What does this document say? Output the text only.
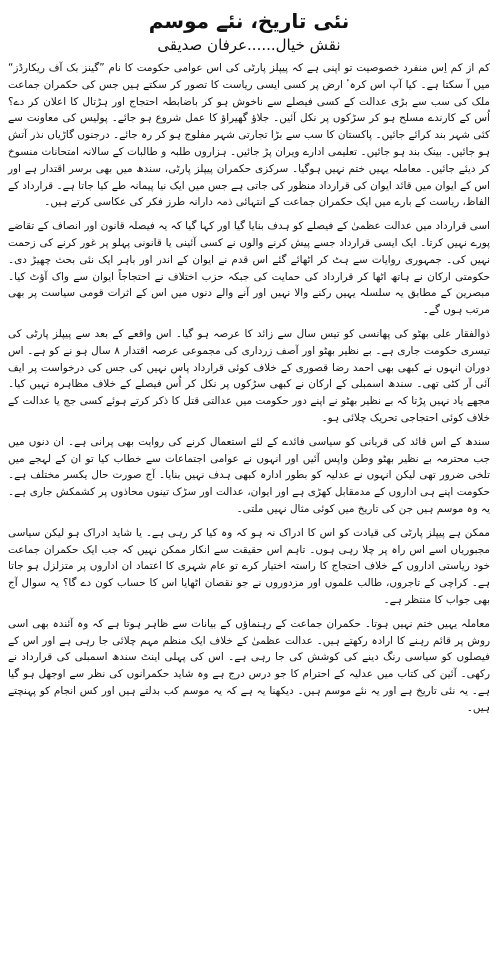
نئی تاریخ، نئے موسم
نقش خیال......عرفان صدیقی

کم از کم اِس منفرد خصوصیت تو اپنی ہے کہ پیپلز پارٹی کی اس عوامی حکومت کا نام ”گینز بک آف ریکارڈز“ میں آ سکتا ہے۔ کیا آپ اس کرہٴ ارض پر کسی ایسی ریاست کا تصور کر سکتے ہیں جس کی حکمران جماعت ملک کی سب سے بڑی عدالت کے کسی فیصلے سے ناخوش ہو کر باضابطہ احتجاج اور ہڑتال کا اعلان کر دے؟ اُس کے کارندے مسلح ہو کر سڑکوں پر نکل آئیں۔ جلاؤ گھیراؤ کا عمل شروع ہو جائے۔ پولیس کی معاونت سے کئی شہر بند کرائے جائیں۔ پاکستان کا سب سے بڑا تجارتی شہر مفلوج ہو کر رہ جائے۔ درجنوں گاڑیاں نذر آتش ہو جائیں۔ بینک بند ہو جائیں۔ تعلیمی ادارے ویران پڑ جائیں۔ ہزاروں طلبہ و طالبات کے سالانہ امتحانات منسوخ کر دیئے جائیں۔ معاملہ یہیں ختم نہیں ہوگیا۔ سرکزی حکمران پیپلز پارٹی، سندھ میں بھی برسر اقتدار ہے اور اس کے ایوان میں قائد ایوان کی قرارداد منظور کی جاتی ہے جس میں ایک نیا پیمانہ طے کیا جاتا ہے۔ قرارداد کے الفاظ، ریاست کے بارے میں ایک حکمران جماعت کے انتہائی ذمہ دارانہ طرز فکر کی عکاسی کرتے ہیں۔

اسی قرارداد میں عدالت عظمیٰ کے فیصلے کو ہدف بنایا گیا اور کہا گیا کہ یہ فیصلہ قانون اور انصاف کے تقاضے پورے نہیں کرتا۔ ایک ایسی قرارداد جسے پیش کرنے والوں نے کسی آئینی یا قانونی پہلو پر غور کرنے کی زحمت نہیں کی۔ جمہوری روایات سے ہٹ کر اٹھائے گئے اس قدم نے ایوان کے اندر اور باہر ایک نئی بحث چھیڑ دی۔ حکومتی ارکان نے ہاتھ اٹھا کر قرارداد کی حمایت کی جبکہ حزب اختلاف نے احتجاجاً ایوان سے واک آؤٹ کیا۔ مبصرین کے مطابق یہ سلسلہ یہیں رکنے والا نہیں اور آنے والے دنوں میں اس کے اثرات قومی سیاست پر بھی مرتب ہوں گے۔

ذوالفقار علی بھٹو کی پھانسی کو تیس سال سے زائد کا عرصہ ہو گیا۔ اس واقعے کے بعد سے پیپلز پارٹی کی تیسری حکومت جاری ہے۔ بے نظیر بھٹو اور آصف زرداری کی مجموعی عرصہ اقتدار ۸ سال ہو نے کو ہے۔ اس دوران انہوں نے کبھی بھی احمد رضا قصوری کے خلاف کوئی قرارداد پاس نہیں کی جس کی درخواست پر ایف آئی آر کٹی تھی۔ سندھ اسمبلی کے ارکان نے کبھی سڑکوں پر نکل کر اُس فیصلے کے خلاف مظاہرہ نہیں کیا۔ مجھے یاد نہیں پڑتا کہ بے نظیر بھٹو نے اپنے دور حکومت میں عدالتی قتل کا ذکر کرتے ہوئے کسی جج یا عدالت کے خلاف کوئی احتجاجی تحریک چلائی ہو۔

سندھ کے اس قائد کی قربانی کو سیاسی فائدے کے لئے استعمال کرنے کی روایت بھی پرانی ہے۔ ان دنوں میں جب محترمہ بے نظیر بھٹو وطن واپس آئیں اور انہوں نے عوامی اجتماعات سے خطاب کیا تو ان کے لہجے میں تلخی ضرور تھی لیکن انہوں نے عدلیہ کو بطور ادارہ کبھی ہدف نہیں بنایا۔ آج صورت حال یکسر مختلف ہے۔ حکومت اپنے ہی اداروں کے مدمقابل کھڑی ہے اور ایوان، عدالت اور سڑک تینوں محاذوں پر کشمکش جاری ہے۔ یہ وہ موسم ہیں جن کی تاریخ میں کوئی مثال نہیں ملتی۔

ممکن ہے پیپلز پارٹی کی قیادت کو اس کا ادراک نہ ہو کہ وہ کیا کر رہی ہے۔ یا شاید ادراک ہو لیکن سیاسی مجبوریاں اسے اس راہ پر چلا رہی ہوں۔ تاہم اس حقیقت سے انکار ممکن نہیں کہ جب ایک حکمران جماعت خود ریاستی اداروں کے خلاف احتجاج کا راستہ اختیار کرے تو عام شہری کا اعتماد ان اداروں پر متزلزل ہو جاتا ہے۔ کراچی کے تاجروں، طالب علموں اور مزدوروں نے جو نقصان اٹھایا اس کا حساب کون دے گا؟ یہ سوال آج بھی جواب کا منتظر ہے۔

معاملہ یہیں ختم نہیں ہوتا۔ حکمران جماعت کے رہنماؤں کے بیانات سے ظاہر ہوتا ہے کہ وہ آئندہ بھی اسی روش پر قائم رہنے کا ارادہ رکھتے ہیں۔ عدالت عظمیٰ کے خلاف ایک منظم مہم چلائی جا رہی ہے اور اس کے فیصلوں کو سیاسی رنگ دینے کی کوشش کی جا رہی ہے۔ اس کی پہلی اینٹ سندھ اسمبلی کی قرارداد نے رکھی۔ آئین کی کتاب میں عدلیہ کے احترام کا جو درس درج ہے وہ شاید حکمرانوں کی نظر سے اوجھل ہو گیا ہے۔ یہ نئی تاریخ ہے اور یہ نئے موسم ہیں۔ دیکھنا یہ ہے کہ یہ موسم کب بدلتے ہیں اور کس انجام کو پہنچتے ہیں۔
